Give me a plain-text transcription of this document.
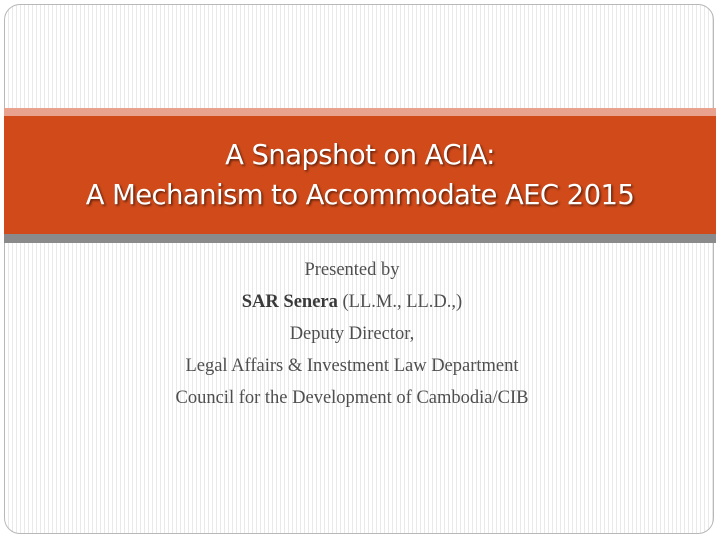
A Snapshot on ACIA:
A Mechanism to Accommodate AEC 2015
Presented by
SAR Senera (LL.M., LL.D.,)
Deputy Director,
Legal Affairs & Investment Law Department
Council for the Development of Cambodia/CIB
